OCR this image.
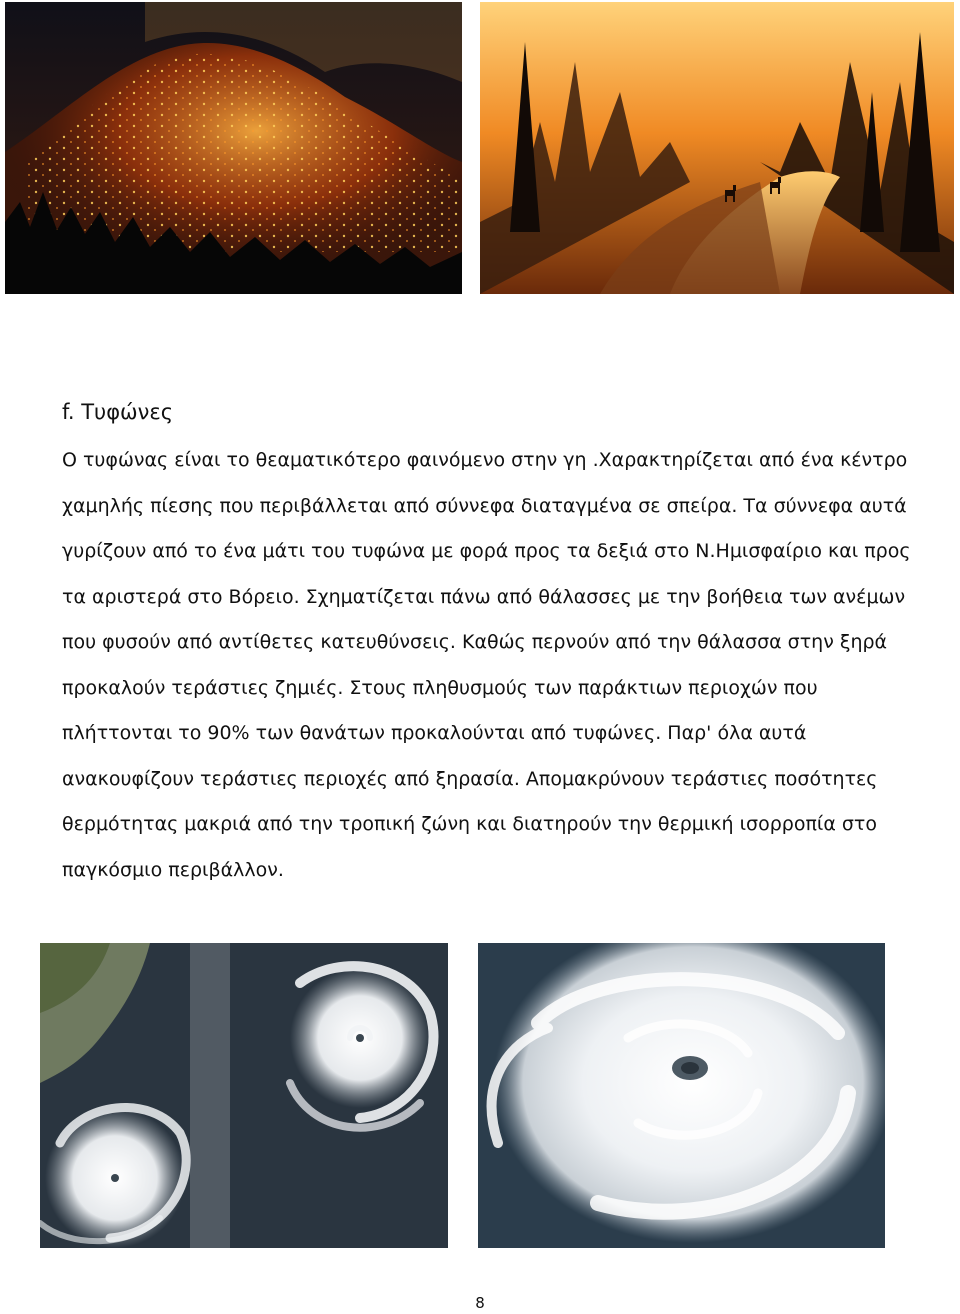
f. Τυφώνες

Ο τυφώνας είναι το θεαματικότερο φαινόμενο στην γη .Χαρακτηρίζεται από ένα κέντρο
χαμηλής πίεσης που περιβάλλεται από σύννεφα διαταγμένα σε σπείρα. Τα σύννεφα αυτά
γυρίζουν από το ένα μάτι του τυφώνα με φορά προς τα δεξιά στο Ν.Ημισφαίριο και προς
τα αριστερά στο Βόρειο. Σχηματίζεται πάνω από θάλασσες με την βοήθεια των ανέμων
που φυσούν από αντίθετες κατευθύνσεις. Καθώς περνούν από την θάλασσα στην ξηρά
προκαλούν τεράστιες ζημιές. Στους πληθυσμούς των παράκτιων περιοχών που
πλήττονται το 90% των θανάτων προκαλούνται από τυφώνες. Παρ' όλα αυτά
ανακουφίζουν τεράστιες περιοχές από ξηρασία. Απομακρύνουν τεράστιες ποσότητες
θερμότητας μακριά από την τροπική ζώνη και διατηρούν την θερμική ισορροπία στο
παγκόσμιο περιβάλλον.

8
